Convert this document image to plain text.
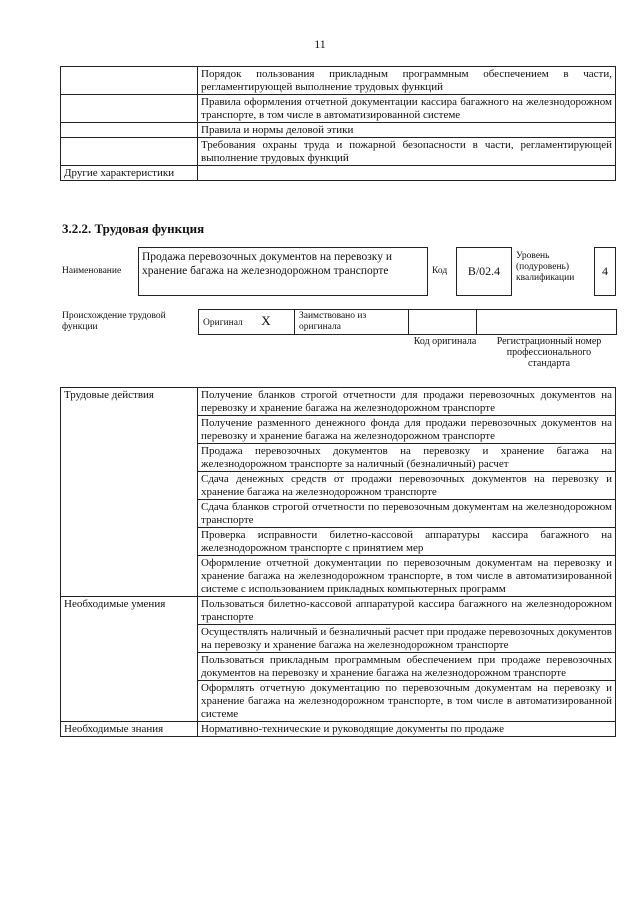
11
	Порядок пользования прикладным программным обеспечением в части, регламентирующей выполнение трудовых функций
	Правила оформления отчетной документации кассира багажного на железнодорожном транспорте, в том числе в автоматизированной системе
	Правила и нормы деловой этики
	Требования охраны труда и пожарной безопасности в части, регламентирующей выполнение трудовых функций
Другие характеристики	
3.2.2. Трудовая функция
Наименование
Продажа перевозочных документов на перевозку и хранение багажа на железнодорожном транспорте	Код В/02.4
Уровень (подуровень) квалификации	4
Происхождение трудовой функции	Оригинал X	Заимствовано из оригинала		
Код оригинала	Регистрационный номер профессионального стандарта
Трудовые действия	Получение бланков строгой отчетности для продажи перевозочных документов на перевозку и хранение багажа на железнодорожном транспорте
	Получение разменного денежного фонда для продажи перевозочных документов на перевозку и хранение багажа на железнодорожном транспорте
	Продажа перевозочных документов на перевозку и хранение багажа на железнодорожном транспорте за наличный (безналичный) расчет
	Сдача денежных средств от продажи перевозочных документов на перевозку и хранение багажа на железнодорожном транспорте
	Сдача бланков строгой отчетности по перевозочным документам на железнодорожном транспорте
	Проверка исправности билетно-кассовой аппаратуры кассира багажного на железнодорожном транспорте с принятием мер
	Оформление отчетной документации по перевозочным документам на перевозку и хранение багажа на железнодорожном транспорте, в том числе в автоматизированной системе с использованием прикладных компьютерных программ
Необходимые умения	Пользоваться билетно-кассовой аппаратурой кассира багажного на железнодорожном транспорте
	Осуществлять наличный и безналичный расчет при продаже перевозочных документов на перевозку и хранение багажа на железнодорожном транспорте
	Пользоваться прикладным программным обеспечением при продаже перевозочных документов на перевозку и хранение багажа на железнодорожном транспорте
	Оформлять отчетную документацию по перевозочным документам на перевозку и хранение багажа на железнодорожном транспорте, в том числе в автоматизированной системе
Необходимые знания	Нормативно-технические и руководящие документы по продаже
